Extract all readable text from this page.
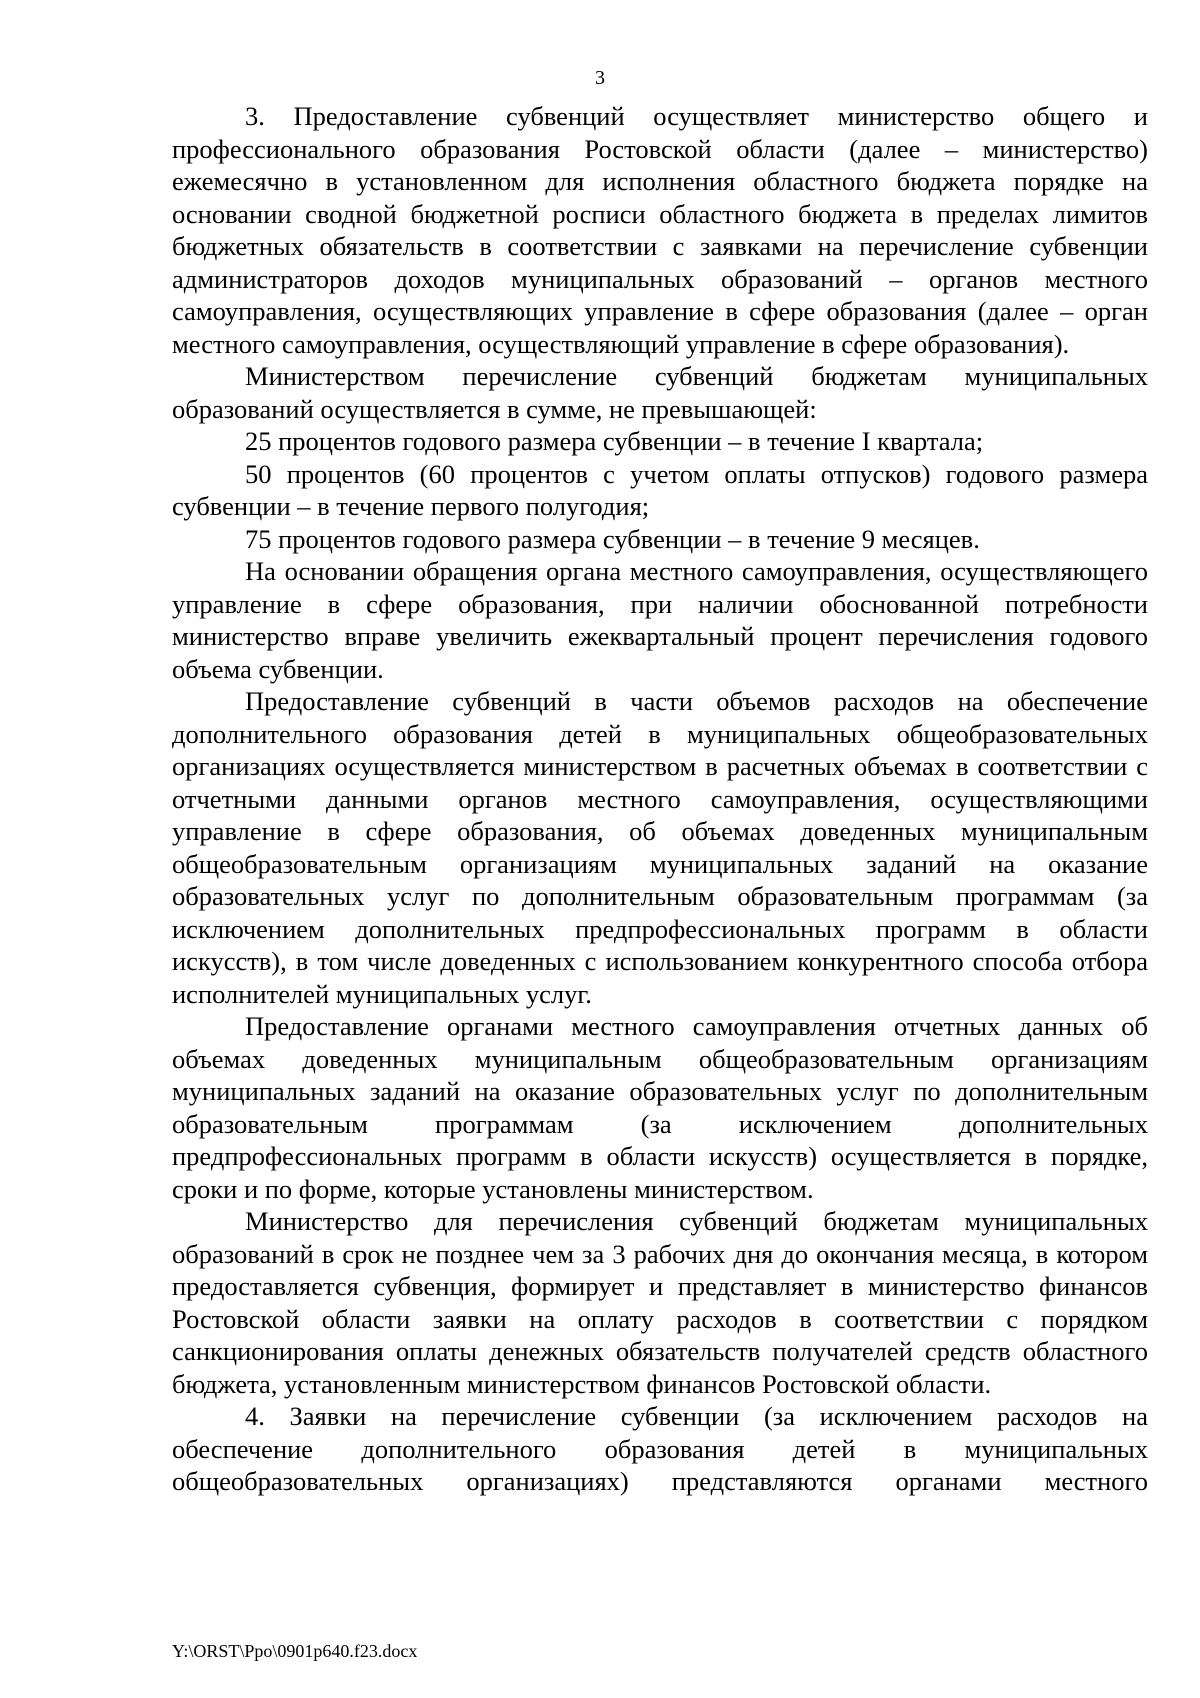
3

3. Предоставление субвенций осуществляет министерство общего и профессионального образования Ростовской области (далее – министерство) ежемесячно в установленном для исполнения областного бюджета порядке на основании сводной бюджетной росписи областного бюджета в пределах лимитов бюджетных обязательств в соответствии с заявками на перечисление субвенции администраторов доходов муниципальных образований – органов местного самоуправления, осуществляющих управление в сфере образования (далее – орган местного самоуправления, осуществляющий управление в сфере образования).

Министерством перечисление субвенций бюджетам муниципальных образований осуществляется в сумме, не превышающей:

25 процентов годового размера субвенции – в течение I квартала;

50 процентов (60 процентов с учетом оплаты отпусков) годового размера субвенции – в течение первого полугодия;

75 процентов годового размера субвенции – в течение 9 месяцев.

На основании обращения органа местного самоуправления, осуществляющего управление в сфере образования, при наличии обоснованной потребности министерство вправе увеличить ежеквартальный процент перечисления годового объема субвенции.

Предоставление субвенций в части объемов расходов на обеспечение дополнительного образования детей в муниципальных общеобразовательных организациях осуществляется министерством в расчетных объемах в соответствии с отчетными данными органов местного самоуправления, осуществляющими управление в сфере образования, об объемах доведенных муниципальным общеобразовательным организациям муниципальных заданий на оказание образовательных услуг по дополнительным образовательным программам (за исключением дополнительных предпрофессиональных программ в области искусств), в том числе доведенных с использованием конкурентного способа отбора исполнителей муниципальных услуг.

Предоставление органами местного самоуправления отчетных данных об объемах доведенных муниципальным общеобразовательным организациям муниципальных заданий на оказание образовательных услуг по дополнительным образовательным программам (за исключением дополнительных предпрофессиональных программ в области искусств) осуществляется в порядке, сроки и по форме, которые установлены министерством.

Министерство для перечисления субвенций бюджетам муниципальных образований в срок не позднее чем за 3 рабочих дня до окончания месяца, в котором предоставляется субвенция, формирует и представляет в министерство финансов Ростовской области заявки на оплату расходов в соответствии с порядком санкционирования оплаты денежных обязательств получателей средств областного бюджета, установленным министерством финансов Ростовской области.

4. Заявки на перечисление субвенции (за исключением расходов на обеспечение дополнительного образования детей в муниципальных общеобразовательных организациях) представляются органами местного

Y:\ORST\Ppo\0901p640.f23.docx
